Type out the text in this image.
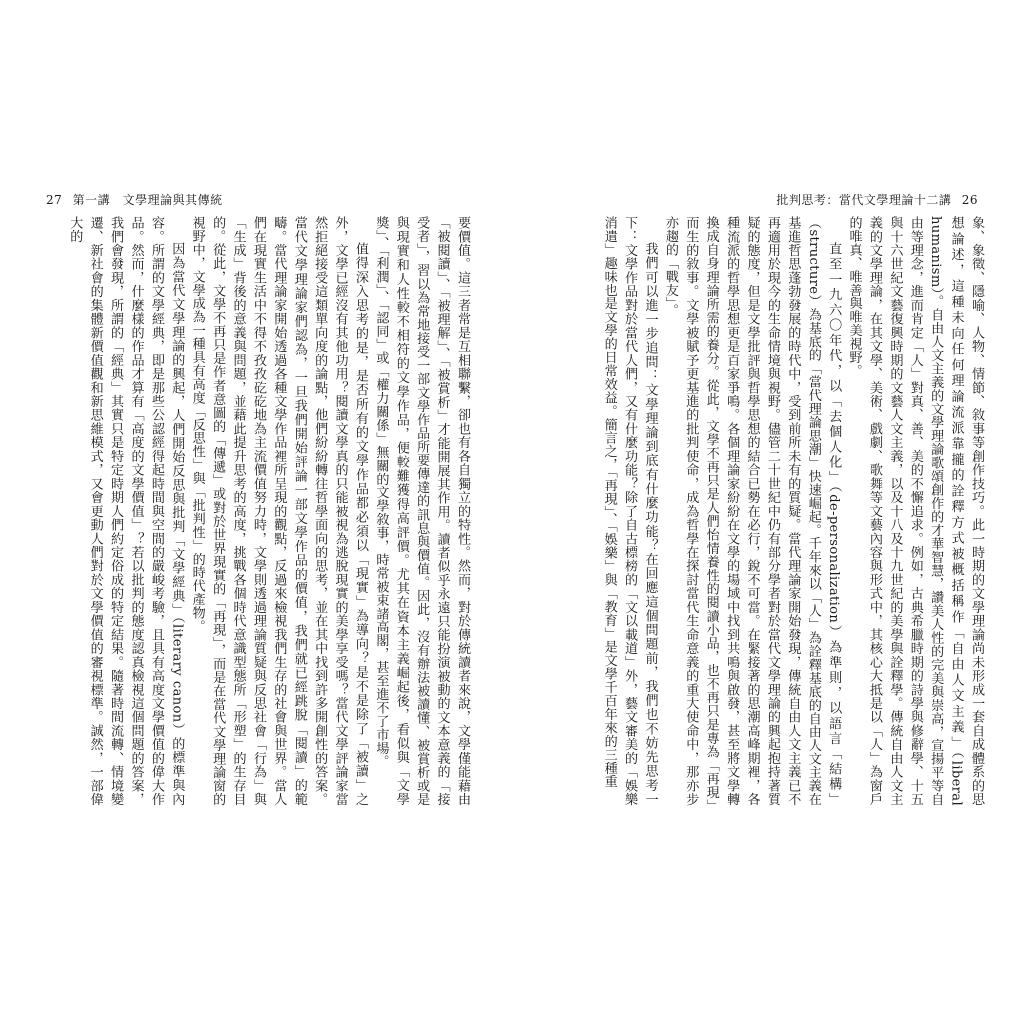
27 第一講　文學理論與其傳統

要價值。這三者常是互相聯繫，卻也有各自獨立的特性。然而，對於傳統讀者來說，文學僅能藉由「被閱讀」、「被理解」、「被賞析」才能開展其作用。讀者似乎永遠只能扮演被動的文本意義的「接受者」，習以為常地接受一部文學作品所要傳達的訊息與價值。因此，沒有辦法被讀懂、被賞析或是與現實和人性較不相符的文學作品，便較難獲得高評價。尤其在資本主義崛起後，看似與「文學獎」、「利潤」、「認同」或「權力關係」無關的文學敘事，時常被束諸高閣，甚至進不了市場。

值得深入思考的是，是否所有的文學作品都必須以「現實」為導向？是不是除了「被讀」之外，文學已經沒有其他功用？閱讀文學真的只能被視為逃脫現實的美學享受嗎？當代文學評論家當然拒絕接受這類單向度的論點，他們紛紛轉往哲學面向的思考，並在其中找到許多開創性的答案。當代文學理論家們認為，一旦我們開始評論一部文學作品的價值，我們就已經跳脫「閱讀」的範疇。當代理論家開始透過各種文學作品裡所呈現的觀點，反過來檢視我們生存的社會與世界。當人們在現實生活中不得不孜孜矻矻地為主流價值努力時，文學則透過理論質疑與反思社會「行為」與「生成」背後的意義與問題，並藉此提升思考的高度，挑戰各個時代意識型態所「形塑」的生存目的。從此，文學不再只是作者意圖的「傳遞」或對於世界現實的「再現」，而是在當代文學理論窗的視野中，文學成為一種具有高度「反思性」與「批判性」的時代產物。

因為當代文學理論的興起，人們開始反思與批判「文學經典」（literary canon）的標準與內容。所謂的文學經典，即是那些公認經得起時間與空間的嚴峻考驗，且具有高度文學價值的偉大作品。然而，什麼樣的作品才算有「高度的文學價值」？若以批判的態度認真檢視這個問題的答案，我們會發現，所謂的「經典」其實只是特定時期人們約定俗成的特定結果。隨著時間流轉、情境變遷、新社會的集體新價值觀和新思維模式，又會更動人們對於文學價值的審視標準。誠然，一部偉大的

批判思考：當代文學理論十二講 26

象、象徵、隱喻、人物、情節、敘事等創作技巧。此一時期的文學理論尚未形成一套自成體系的思想論述，這種未向任何理論流派靠攏的詮釋方式被概括稱作「自由人文主義」（liberal humanism）。自由人文主義的文學理論歌頌創作的才華智慧，讚美人性的完美與崇高，宣揚平等自由等理念，進而肯定「人」對真、善、美的不懈追求。例如，古典希臘時期的詩學與修辭學、十五與十六世紀文藝復興時期的文藝人文主義，以及十八及十九世紀的美學與詮釋學。傳統自由人文主義的文學理論，在其文學、美術、戲劇、歌舞等文藝內容與形式中，其核心大抵是以「人」為窗戶的唯真、唯善與唯美視野。

直至一九六〇年代，以「去個人化」（de-personalization）為準則，以語言「結構」（structure）為基底的「當代理論思潮」快速崛起。千年來以「人」為詮釋基底的自由人文主義在基進哲思蓬勃發展的時代中，受到前所未有的質疑。當代理論家開始發現，傳統自由人文主義已不再適用於現今的生命情境與視野。儘管二十世紀中仍有部分學者對於當代文學理論的興起抱持著質疑的態度，但是文學批評與哲學思想的結合已勢在必行，銳不可當。在緊接著的思潮高峰期裡，各種流派的哲學思想更是百家爭鳴。各個理論家紛紛在文學的場域中找到共鳴與啟發，甚至將文學轉換成自身理論所需的養分。從此，文學不再只是人們怡情養性的閱讀小品，也不再只是專為「再現」而生的敘事。文學被賦予更基進的批判使命，成為哲學在探討當代生命意義的重大使命中，那亦步亦趨的「戰友」。

我們可以進一步追問：文學理論到底有什麼功能？在回應這個問題前，我們也不妨先思考一下：文學作品對於當代人們，又有什麼功能？除了自古標榜的「文以載道」外，藝文審美的「娛樂消遣」趣味也是文學的日常效益。簡言之，「再現」、「娛樂」與「教育」是文學千百年來的三種重
